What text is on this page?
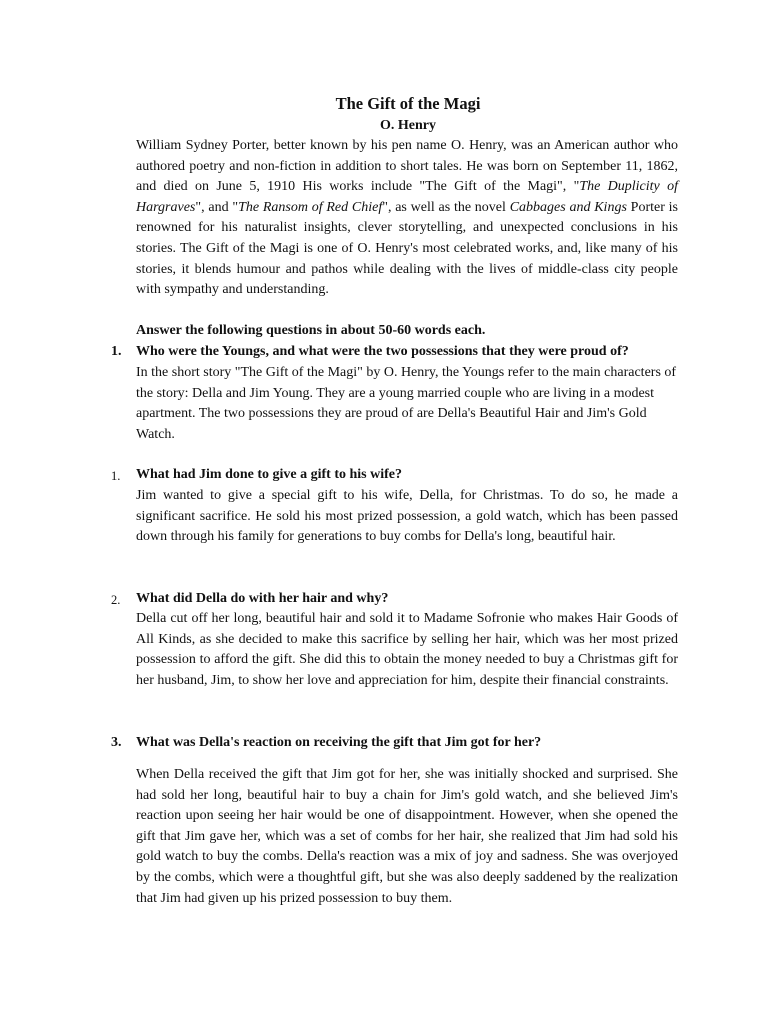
The Gift of the Magi
O. Henry

William Sydney Porter, better known by his pen name O. Henry, was an American author who authored poetry and non-fiction in addition to short tales. He was born on September 11, 1862, and died on June 5, 1910 His works include "The Gift of the Magi", "The Duplicity of Hargraves", and "The Ransom of Red Chief", as well as the novel Cabbages and Kings Porter is renowned for his naturalist insights, clever storytelling, and unexpected conclusions in his stories. The Gift of the Magi is one of O. Henry's most celebrated works, and, like many of his stories, it blends humour and pathos while dealing with the lives of middle-class city people with sympathy and understanding.

Answer the following questions in about 50-60 words each.
1. Who were the Youngs, and what were the two possessions that they were proud of?

In the short story "The Gift of the Magi" by O. Henry, the Youngs refer to the main characters of the story: Della and Jim Young. They are a young married couple who are living in a modest apartment. The two possessions they are proud of are Della's Beautiful Hair and Jim's Gold Watch.

1. What had Jim done to give a gift to his wife?

Jim wanted to give a special gift to his wife, Della, for Christmas. To do so, he made a significant sacrifice. He sold his most prized possession, a gold watch, which has been passed down through his family for generations to buy combs for Della's long, beautiful hair.

2. What did Della do with her hair and why?

Della cut off her long, beautiful hair and sold it to Madame Sofronie who makes Hair Goods of All Kinds, as she decided to make this sacrifice by selling her hair, which was her most prized possession to afford the gift. She did this to obtain the money needed to buy a Christmas gift for her husband, Jim, to show her love and appreciation for him, despite their financial constraints.

3. What was Della's reaction on receiving the gift that Jim got for her?

When Della received the gift that Jim got for her, she was initially shocked and surprised. She had sold her long, beautiful hair to buy a chain for Jim's gold watch, and she believed Jim's reaction upon seeing her hair would be one of disappointment. However, when she opened the gift that Jim gave her, which was a set of combs for her hair, she realized that Jim had sold his gold watch to buy the combs. Della's reaction was a mix of joy and sadness. She was overjoyed by the combs, which were a thoughtful gift, but she was also deeply saddened by the realization that Jim had given up his prized possession to buy them.
